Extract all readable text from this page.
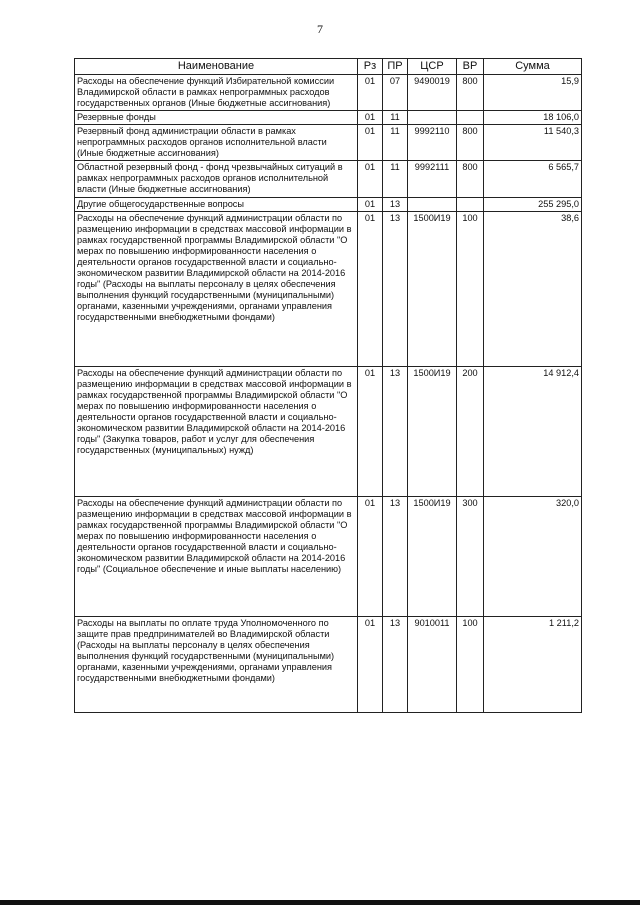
7
Наименование	Рз	ПР	ЦСР	ВР	Сумма
Расходы на обеспечение функций Избирательной комиссии Владимирской области в рамках непрограммных расходов государственных органов (Иные бюджетные ассигнования)	01	07	9490019	800	15,9
Резервные фонды	01	11			18 106,0
Резервный фонд администрации области в рамках непрограммных расходов органов исполнительной власти (Иные бюджетные ассигнования)	01	11	9992110	800	11 540,3
Областной резервный фонд - фонд чрезвычайных ситуаций в рамках непрограммных расходов органов исполнительной власти (Иные бюджетные ассигнования)	01	11	9992111	800	6 565,7
Другие общегосударственные вопросы	01	13			255 295,0
Расходы на обеспечение функций администрации области по размещению информации в средствах массовой информации в рамках государственной программы Владимирской области "О мерах по повышению информированности населения о деятельности органов государственной власти и социально-экономическом развитии Владимирской области на 2014-2016 годы" (Расходы на выплаты персоналу в целях обеспечения выполнения функций государственными (муниципальными) органами, казенными учреждениями, органами управления государственными внебюджетными фондами)	01	13	1500И19	100	38,6
Расходы на обеспечение функций администрации области по размещению информации в средствах массовой информации в рамках государственной программы Владимирской области "О мерах по повышению информированности населения о деятельности органов государственной власти и социально-экономическом развитии Владимирской области на 2014-2016 годы" (Закупка товаров, работ и услуг для обеспечения государственных (муниципальных) нужд)	01	13	1500И19	200	14 912,4
Расходы на обеспечение функций администрации области по размещению информации в средствах массовой информации в рамках государственной программы Владимирской области "О мерах по повышению информированности населения о деятельности органов государственной власти и социально-экономическом развитии Владимирской области на 2014-2016 годы" (Социальное обеспечение и иные выплаты населению)	01	13	1500И19	300	320,0
Расходы на выплаты по оплате труда Уполномоченного по защите прав предпринимателей во Владимирской области (Расходы на выплаты персоналу в целях обеспечения выполнения функций государственными (муниципальными) органами, казенными учреждениями, органами управления государственными внебюджетными фондами)	01	13	9010011	100	1 211,2
